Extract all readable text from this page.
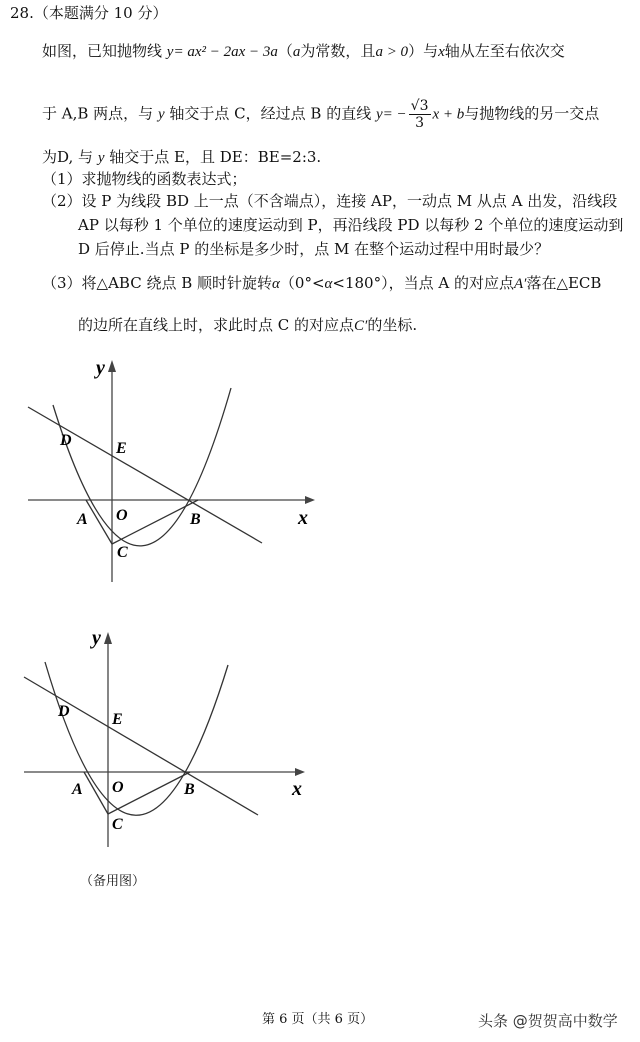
28.（本题满分 10 分）
如图，已知抛物线 y= ax² − 2ax − 3a（a为常数，且a > 0）与x轴从左至右依次交
于 A,B 两点，与 y 轴交于点 C，经过点 B 的直线 $y= - \frac{√3}{3}$ x + b与抛物线的另一交点
为D, 与 y 轴交于点 E，且 DE：BE=2:3.
（1）求抛物线的函数表达式；
（2）设 P 为线段 BD 上一点（不含端点），连接 AP，一动点 M 从点 A 出发，沿线段
AP 以每秒 1 个单位的速度运动到 P，再沿线段 PD 以每秒 2 个单位的速度运动到
D 后停止.当点 P 的坐标是多少时，点 M 在整个运动过程中用时最少？
（3）将△ABC 绕点 B 顺时针旋转α（0°<α<180°），当点 A 的对应点A′落在△ECB
的边所在直线上时，求此时点 C 的对应点C′的坐标.
y
x
D	E
O
A	B
C
y
x
D	E
O
A	B
C
（备用图）
第 6 页（共 6 页）	头条 @贺贺高中数学
